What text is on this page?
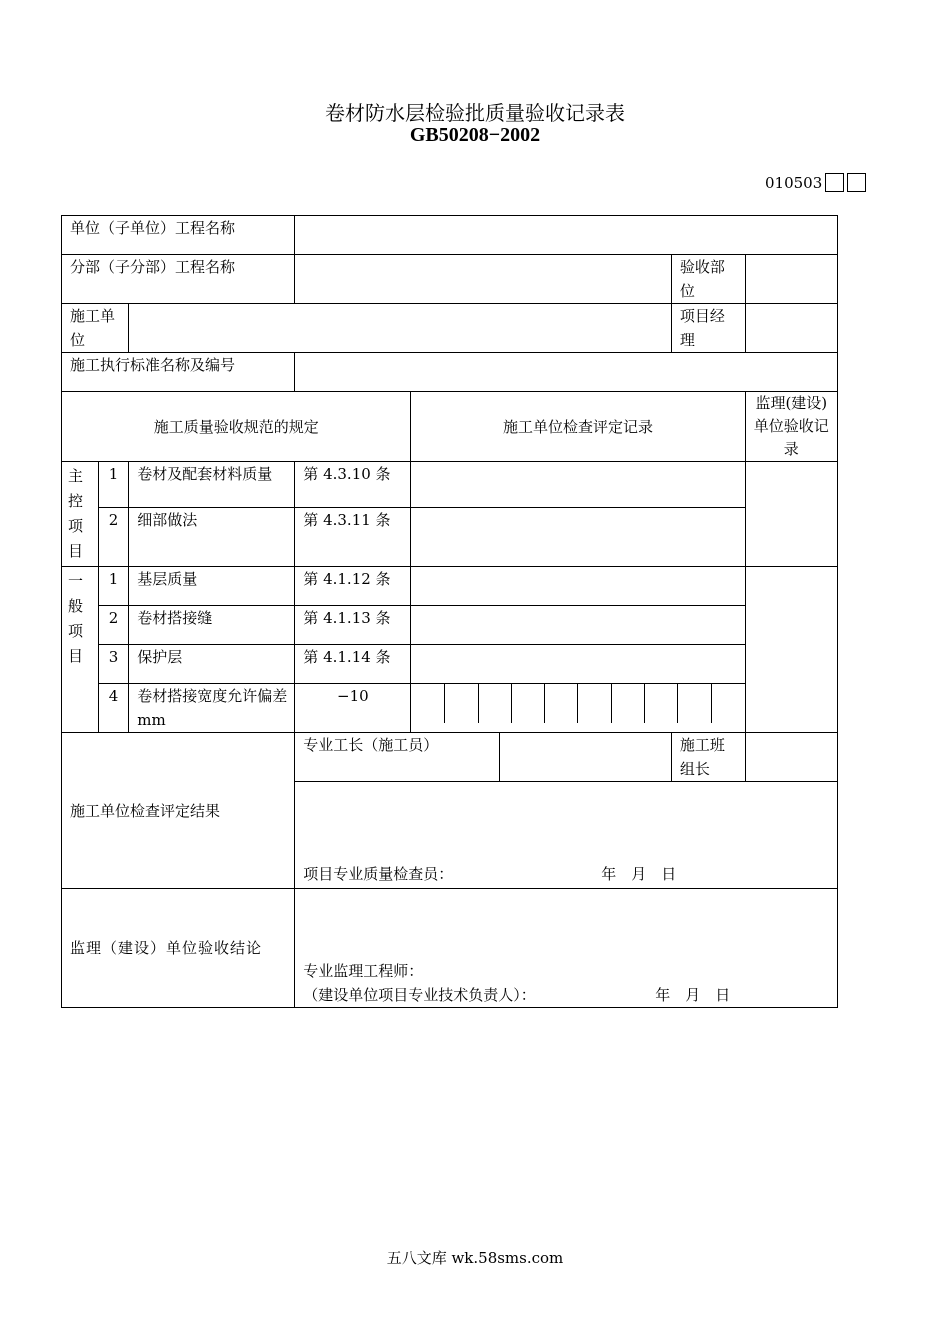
卷材防水层检验批质量验收记录表
GB50208−2002
010503
单位（子单位）工程名称	
分部（子分部）工程名称		验收部位	
施工单位		项目经理	
施工执行标准名称及编号	
施工质量验收规范的规定	施工单位检查评定记录	监理(建设)单位验收记录
主控项目	1	卷材及配套材料质量	第 4.3.10 条		
2	细部做法	第 4.3.11 条	
一般项目	1	基层质量	第 4.1.12 条		
2	卷材搭接缝	第 4.1.13 条	
3	保护层	第 4.1.14 条	
4	卷材搭接宽度允许偏差 mm	−10	

施工单位检查评定结果	专业工长（施工员）		施工班组长	

项目专业质量检查员：	年　月　日

监理（建设）单位验收结论	
专业监理工程师：
（建设单位项目专业技术负责人）：	年　月　日
五八文库 wk.58sms.com
